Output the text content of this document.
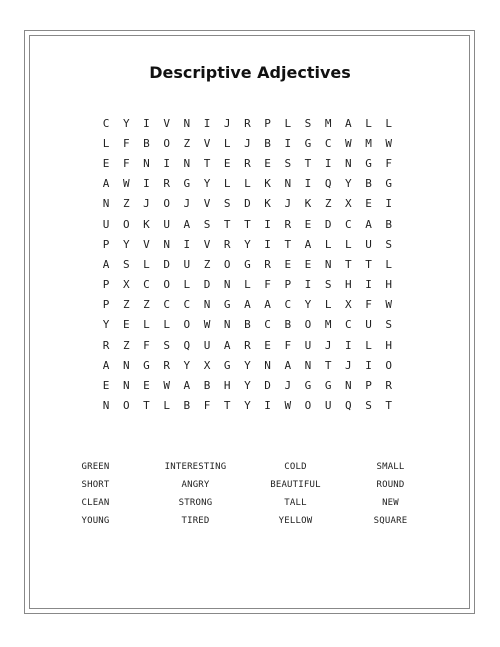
Descriptive Adjectives
C	Y	I	V	N	I	J	R	P	L	S	M	A	L	L
L	F	B	O	Z	V	L	J	B	I	G	C	W	M	W
E	F	N	I	N	T	E	R	E	S	T	I	N	G	F
A	W	I	R	G	Y	L	L	K	N	I	Q	Y	B	G
N	Z	J	O	J	V	S	D	K	J	K	Z	X	E	I
U	O	K	U	A	S	T	T	I	R	E	D	C	A	B
P	Y	V	N	I	V	R	Y	I	T	A	L	L	U	S
A	S	L	D	U	Z	O	G	R	E	E	N	T	T	L
P	X	C	O	L	D	N	L	F	P	I	S	H	I	H
P	Z	Z	C	C	N	G	A	A	C	Y	L	X	F	W
Y	E	L	L	O	W	N	B	C	B	O	M	C	U	S
R	Z	F	S	Q	U	A	R	E	F	U	J	I	L	H
A	N	G	R	Y	X	G	Y	N	A	N	T	J	I	O
E	N	E	W	A	B	H	Y	D	J	G	G	N	P	R
N	O	T	L	B	F	T	Y	I	W	O	U	Q	S	T
GREEN	INTERESTING	COLD	SMALL
SHORT	ANGRY	BEAUTIFUL	ROUND
CLEAN	STRONG	TALL	NEW
YOUNG	TIRED	YELLOW	SQUARE
